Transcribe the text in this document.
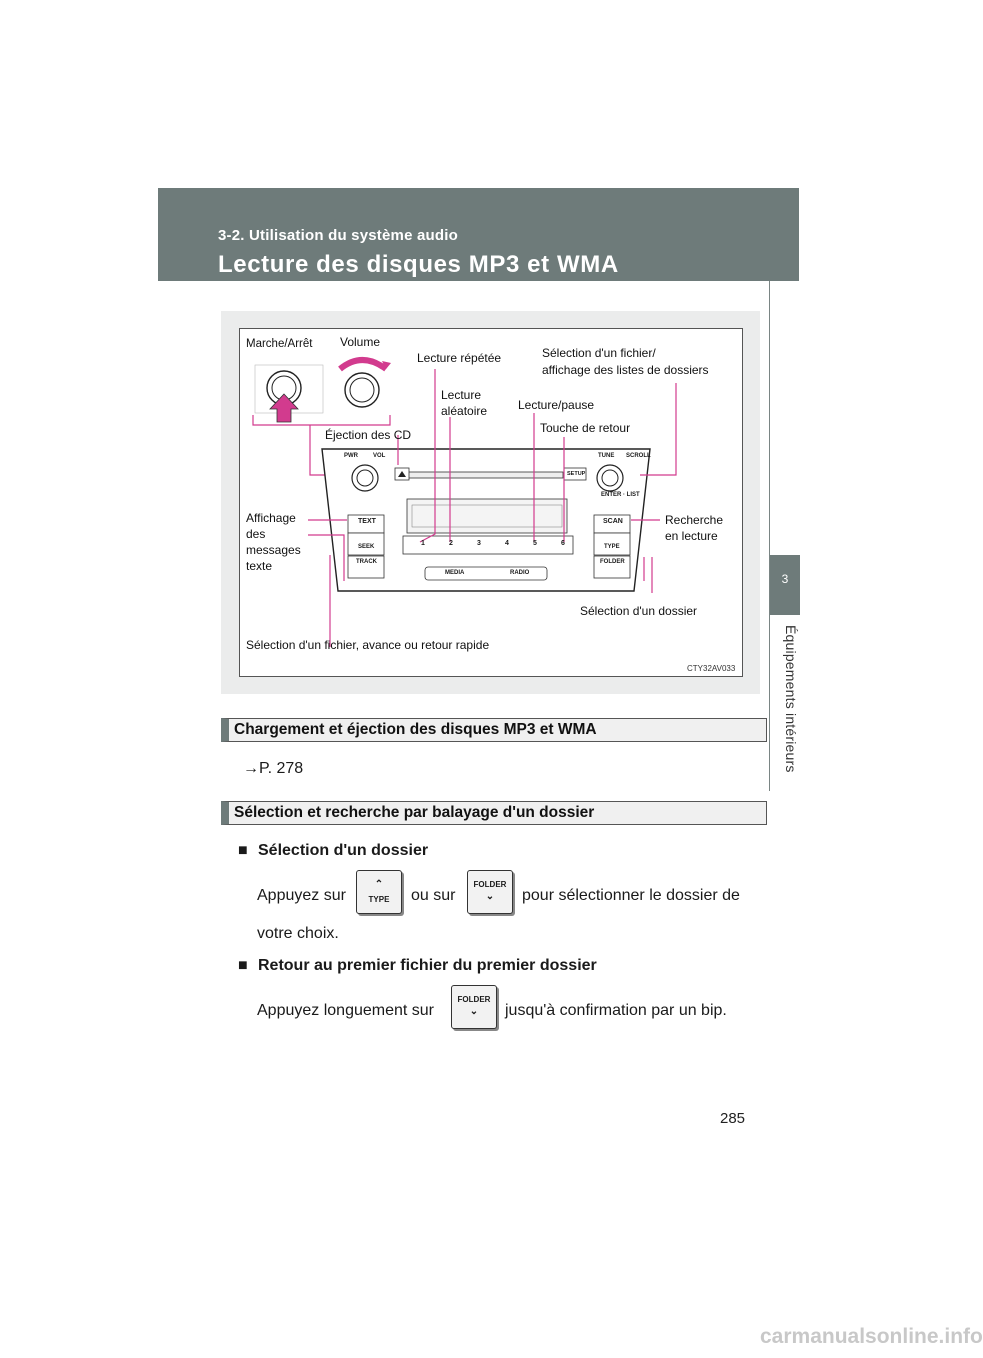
3-2. Utilisation du système audio
Lecture des disques MP3 et WMA
3
Équipements intérieurs
Marche/Arrêt Volume
Lecture répétée	Sélection d'un fichier/
affichage des listes de dossiers
Lecture
aléatoire	Lecture/pause
Touche de retour
Éjection des CD
Affichage
des
messages
texte
Recherche
en lecture
Sélection d'un dossier
Sélection d'un fichier, avance ou retour rapide
CTY32AV033
PWR	VOL	TUNE SCROLL
ENTER · LIST
SETUP
TEXT
SEEK
TRACK
SCAN
TYPE
FOLDER
MEDIA	RADIO
1	2	3	4	5	6
Chargement et éjection des disques MP3 et WMA
→P. 278
Sélection et recherche par balayage d'un dossier
■ Sélection d'un dossier
Appuyez sur
⌃
TYPE	ou sur
FOLDER
⌄	pour sélectionner le dossier de
votre choix.
■ Retour au premier fichier du premier dossier
Appuyez longuement sur
FOLDER
⌄	jusqu'à confirmation par un bip.
285
carmanualsonline.info
